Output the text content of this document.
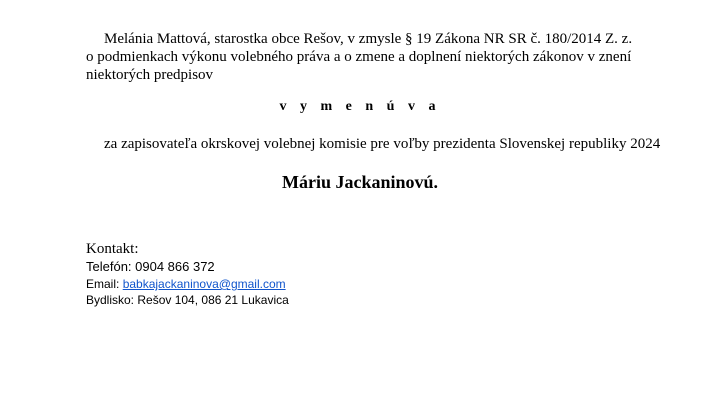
Melánia Mattová, starostka obce Rešov, v zmysle § 19 Zákona NR SR č. 180/2014 Z. z.
o podmienkach výkonu volebného práva a o zmene a doplnení niektorých zákonov v znení
niektorých predpisov
v y m e n ú v a
za zapisovateľa okrskovej volebnej komisie pre voľby prezidenta Slovenskej republiky 2024
Máriu Jackaninovú.
Kontakt:
Telefón: 0904 866 372
Email: babkajackaninova@gmail.com
Bydlisko: Rešov 104, 086 21 Lukavica
